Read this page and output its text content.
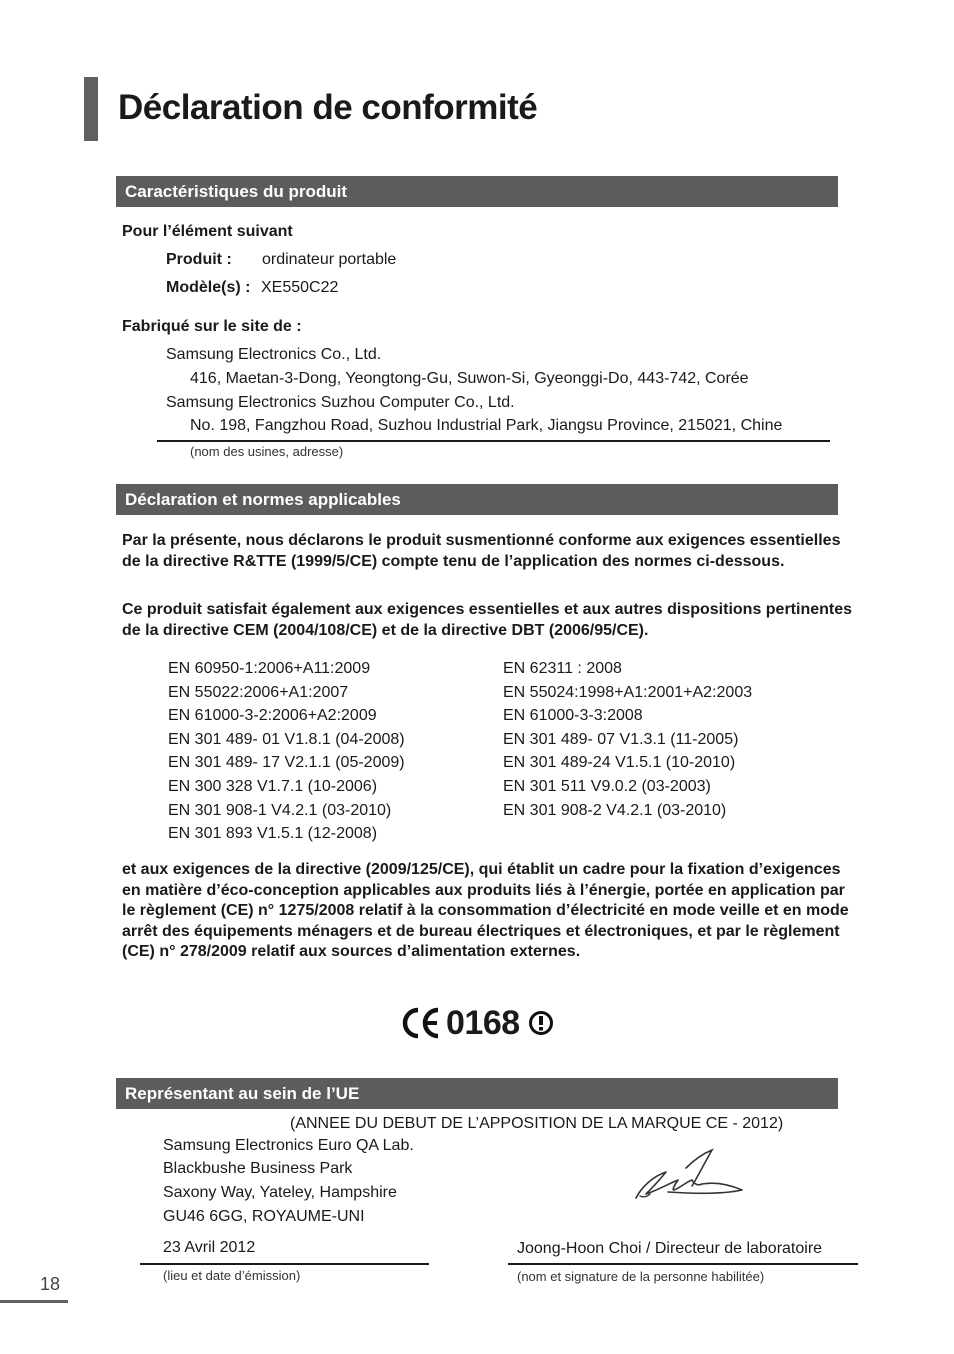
Déclaration de conformité
Caractéristiques du produit
Pour l’élément suivant
Produit : ordinateur portable
Modèle(s) : XE550C22
Fabriqué sur le site de :
Samsung Electronics Co., Ltd.
416, Maetan-3-Dong, Yeongtong-Gu, Suwon-Si, Gyeonggi-Do, 443-742, Corée
Samsung Electronics Suzhou Computer Co., Ltd.
No. 198, Fangzhou Road, Suzhou Industrial Park, Jiangsu Province, 215021, Chine
(nom des usines, adresse)
Déclaration et normes applicables
Par la présente, nous déclarons le produit susmentionné conforme aux exigences essentielles de la directive R&TTE (1999/5/CE) compte tenu de l’application des normes ci-dessous.
Ce produit satisfait également aux exigences essentielles et aux autres dispositions pertinentes de la directive CEM (2004/108/CE) et de la directive DBT (2006/95/CE).
EN 60950-1:2006+A11:2009
EN 55022:2006+A1:2007
EN 61000-3-2:2006+A2:2009
EN 301 489- 01 V1.8.1 (04-2008)
EN 301 489- 17 V2.1.1 (05-2009)
EN 300 328 V1.7.1 (10-2006)
EN 301 908-1 V4.2.1 (03-2010)
EN 301 893 V1.5.1 (12-2008)
EN 62311 : 2008
EN 55024:1998+A1:2001+A2:2003
EN 61000-3-3:2008
EN 301 489- 07 V1.3.1 (11-2005)
EN 301 489-24 V1.5.1 (10-2010)
EN 301 511 V9.0.2 (03-2003)
EN 301 908-2 V4.2.1 (03-2010)
et aux exigences de la directive (2009/125/CE), qui établit un cadre pour la fixation d’exigences en matière d’éco-conception applicables aux produits liés à l’énergie, portée en application par le règlement (CE) n° 1275/2008 relatif à la consommation d’électricité en mode veille et en mode arrêt des équipements ménagers et de bureau électriques et électroniques, et par le règlement (CE) n° 278/2009 relatif aux sources d’alimentation externes.
0168
Représentant au sein de l’UE
(ANNEE DU DEBUT DE L’APPOSITION DE LA MARQUE CE - 2012)
Samsung Electronics Euro QA Lab.
Blackbushe Business Park
Saxony Way, Yateley, Hampshire
GU46 6GG, ROYAUME-UNI
23 Avril 2012
(lieu et date d’émission)
Joong-Hoon Choi / Directeur de laboratoire
(nom et signature de la personne habilitée)
18
